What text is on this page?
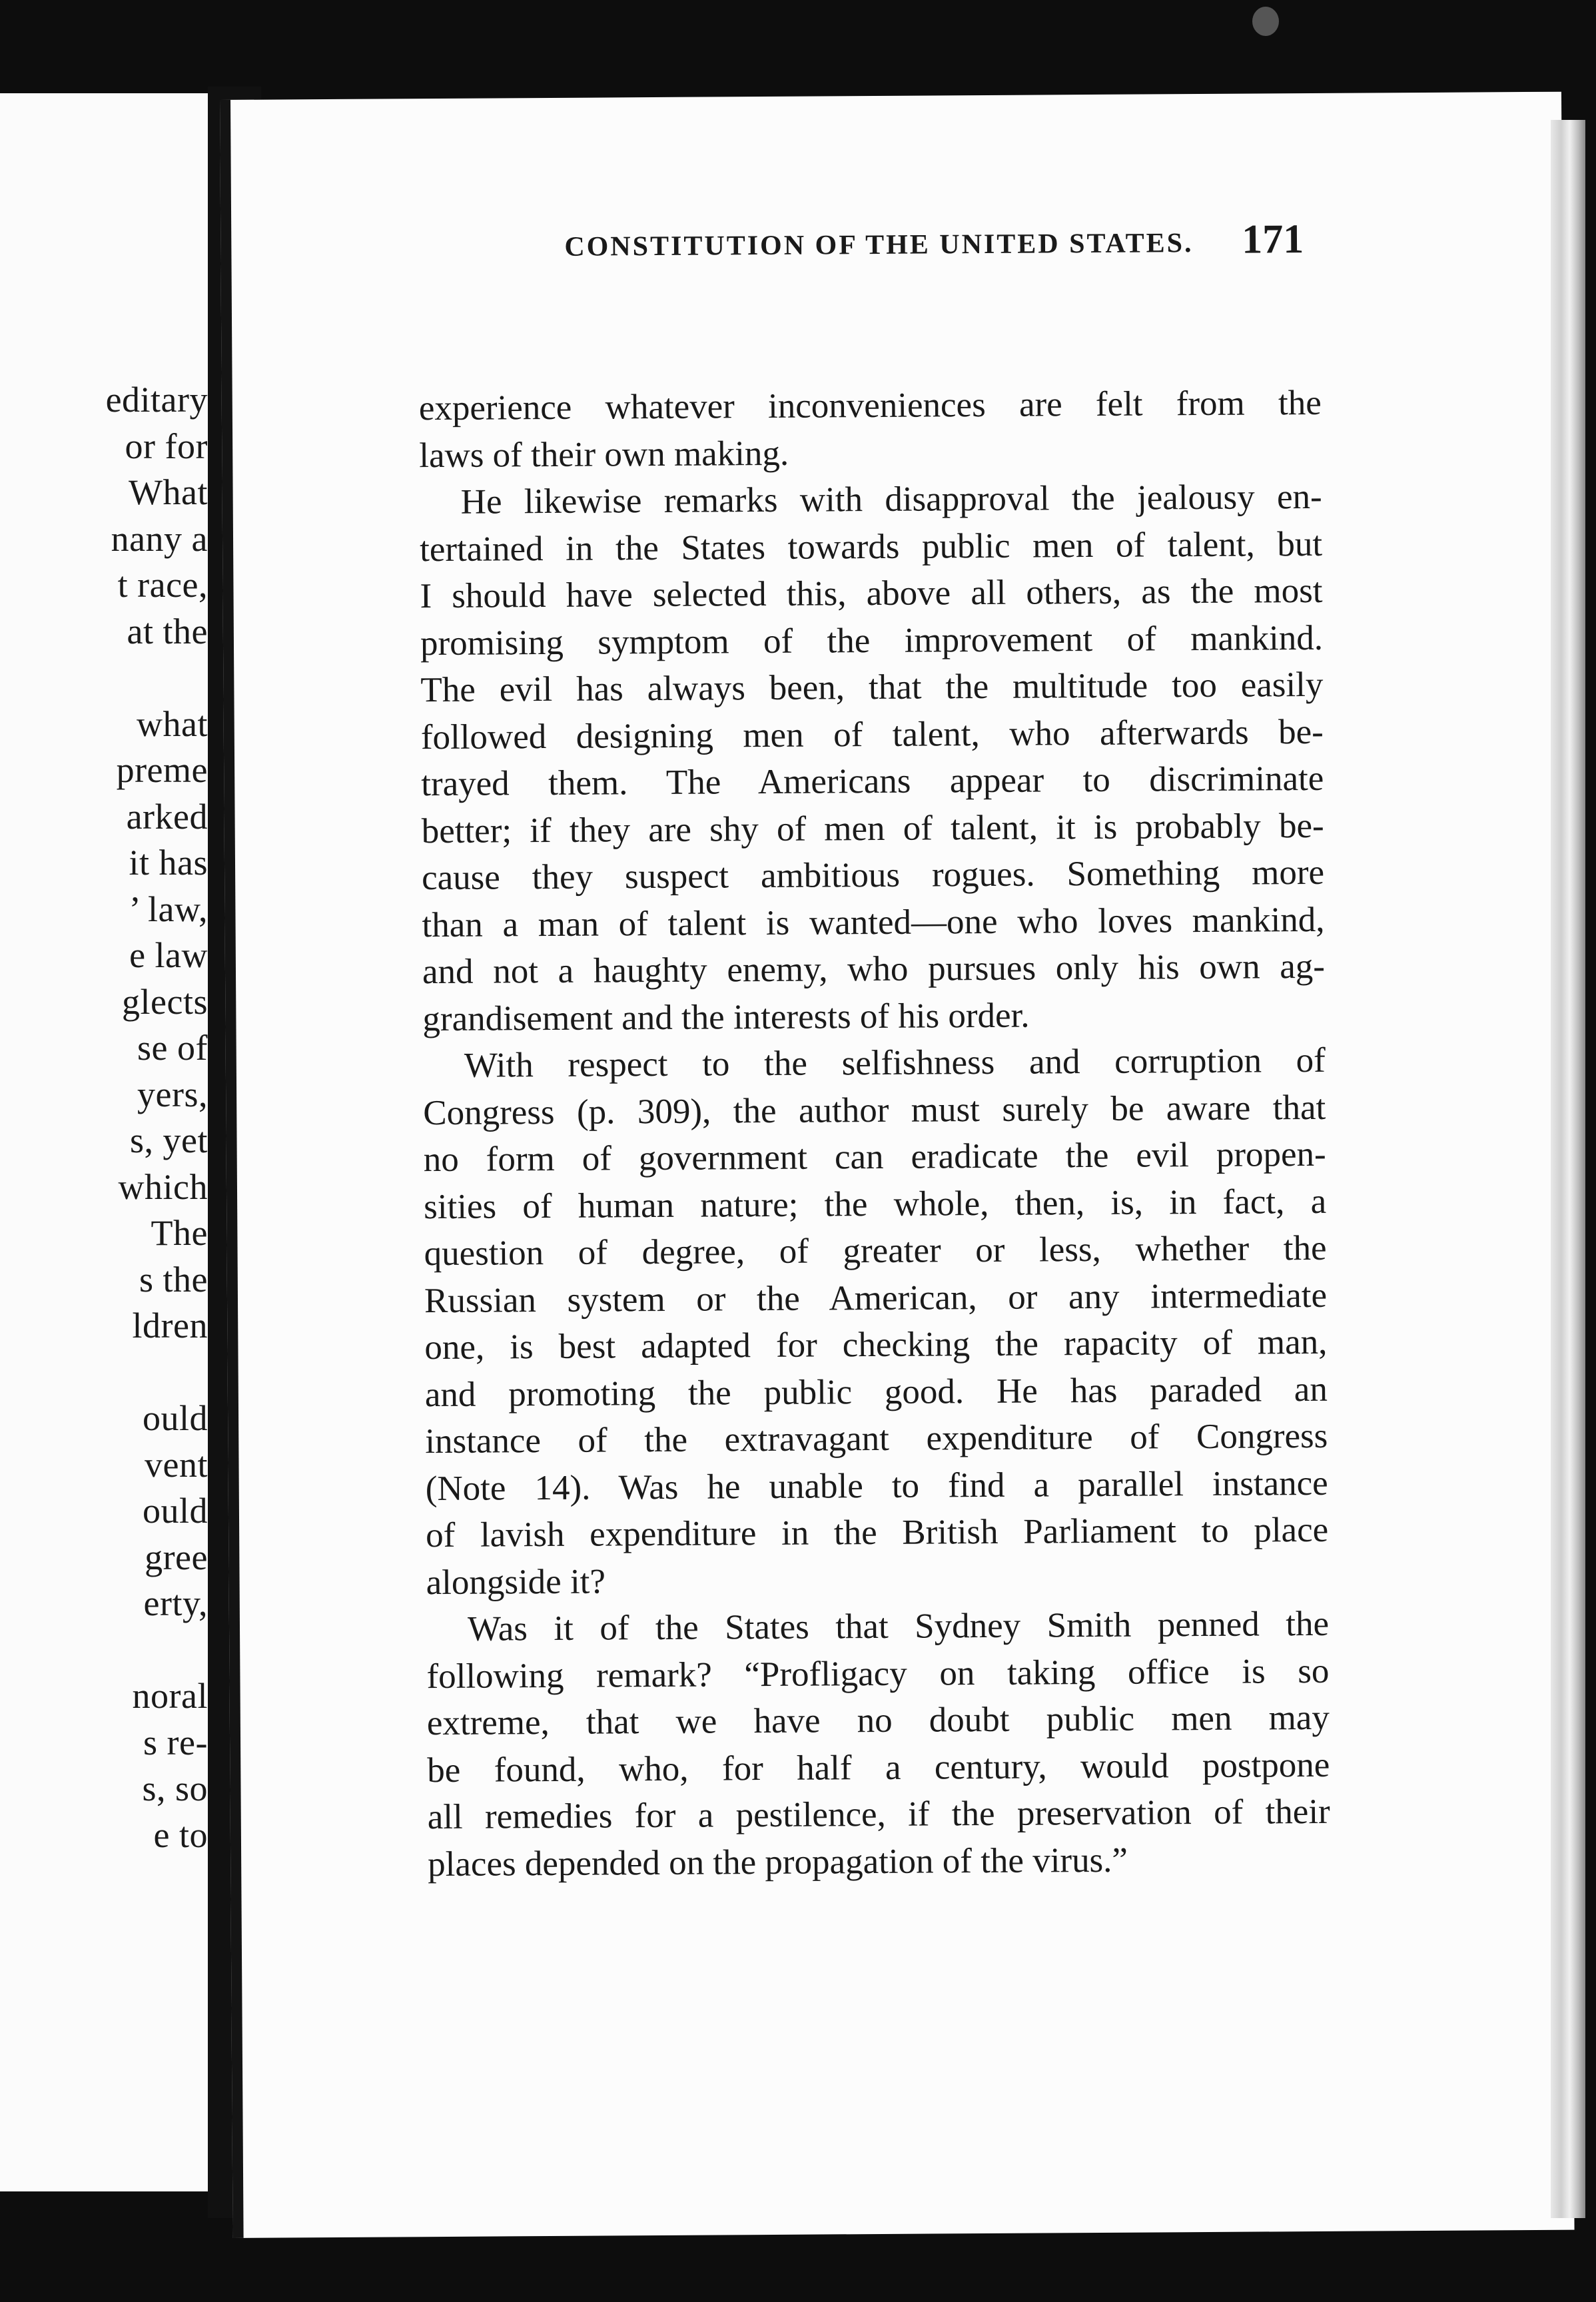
editary
or for
What
nany a
t race,
at the
what
preme
arked
it has
’ law,
e law
glects
se of
yers,
s, yet
which
The
s the
ldren
ould
vent
ould
gree
erty,
noral
s re-
s, so
e to
CONSTITUTION OF THE UNITED STATES. 171
experience whatever inconveniences are felt from the
laws of their own making.
He likewise remarks with disapproval the jealousy en-
tertained in the States towards public men of talent, but
I should have selected this, above all others, as the most
promising symptom of the improvement of mankind.
The evil has always been, that the multitude too easily
followed designing men of talent, who afterwards be-
trayed them. The Americans appear to discriminate
better; if they are shy of men of talent, it is probably be-
cause they suspect ambitious rogues. Something more
than a man of talent is wanted—one who loves mankind,
and not a haughty enemy, who pursues only his own ag-
grandisement and the interests of his order.
With respect to the selfishness and corruption of
Congress (p. 309), the author must surely be aware that
no form of government can eradicate the evil propen-
sities of human nature; the whole, then, is, in fact, a
question of degree, of greater or less, whether the
Russian system or the American, or any intermediate
one, is best adapted for checking the rapacity of man,
and promoting the public good. He has paraded an
instance of the extravagant expenditure of Congress
(Note 14). Was he unable to find a parallel instance
of lavish expenditure in the British Parliament to place
alongside it?
Was it of the States that Sydney Smith penned the
following remark? “Profligacy on taking office is so
extreme, that we have no doubt public men may
be found, who, for half a century, would postpone
all remedies for a pestilence, if the preservation of their
places depended on the propagation of the virus.”
